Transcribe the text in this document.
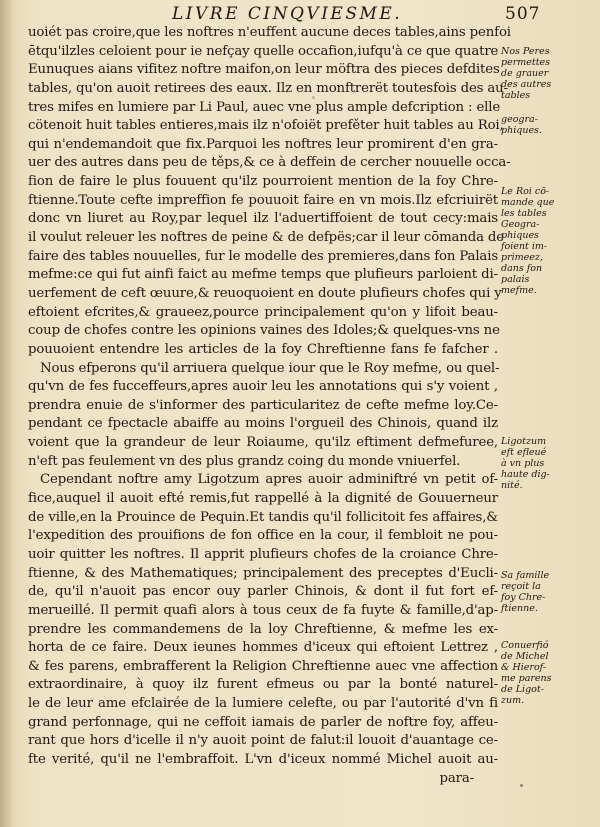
LIVRE CINQVIESME.	507
uoiét pas croire,que les noftres n'euffent aucune deces tables,ains penfoi
ētqu'ilzles celoient pour ie nefçay quelle occafion,iufqu'à ce que quatre
Eunuques aians vifitez noftre maifon,on leur möftra des pieces defdites
tables, qu'on auoit retirees des eaux. Ilz en monftrerët toutesfois des au-
tres mifes en lumiere par Li Paul, auec vne plus ample defcription : elle
cötenoit huit tables entieres,mais ilz n'ofoiët prefěter huit tables au Roi,
qui n'endemandoit que fix.Parquoi les noftres leur promirent d'en gra-
uer des autres dans peu de těps,& ce à deffein de cercher nouuelle occa-
fion de faire le plus fouuent qu'ilz pourroient mention de la foy Chre-
ftienne.Toute cefte impreffion fe pouuoit faire en vn mois.Ilz efcriuirët
donc vn liuret au Roy,par lequel ilz l'aduertiffoient de tout cecy:mais
il voulut releuer les noftres de peine & de defpës;car il leur cōmanda de
faire des tables nouuelles, fur le modelle des premieres,dans fon Palais
mefme:ce qui fut ainfi faict au mefme temps que plufieurs parloient di-
uerfement de ceft œuure,& reuoquoient en doute plufieurs chofes qui y
eftoient efcrites,& graueez,pource principalement qu'on y lifoit beau-
coup de chofes contre les opinions vaines des Idoles;& quelques-vns ne
pouuoient entendre les articles de la foy Chreftienne fans fe fafcher .
Nous efperons qu'il arriuera quelque iour que le Roy mefme, ou quel-
qu'vn de fes fucceffeurs,apres auoir leu les annotations qui s'y voient ,
prendra enuie de s'informer des particularitez de cefte mefme loy.Ce-
pendant ce fpectacle abaiffe au moins l'orgueil des Chinois, quand ilz
voient que la grandeur de leur Roiaume, qu'ilz eftiment defmefuree,
n'eft pas feulement vn des plus grandz coing du monde vniuerfel.
Cependant noftre amy Ligotzum apres auoir adminiftré vn petit of-
fice,auquel il auoit efté remis,fut rappellé à la dignité de Gouuerneur
de ville,en la Prouince de Pequin.Et tandis qu'il follicitoit fes affaires,&
l'expedition des prouifions de fon office en la cour, il fembloit ne pou-
uoir quitter les noftres. Il apprit plufieurs chofes de la croiance Chre-
ftienne, & des Mathematiques; principalement des preceptes d'Eucli-
de, qu'il n'auoit pas encor ouy parler Chinois, & dont il fut fort ef-
merueillé. Il permit quafi alors à tous ceux de fa fuyte & famille,d'ap-
prendre les commandemens de la loy Chreftienne, & mefme les ex-
horta de ce faire. Deux ieunes hommes d'iceux qui eftoient Lettrez ,
& fes parens, embrafferent la Religion Chreftienne auec vne affection
extraordinaire, à quoy ilz furent efmeus ou par la bonté naturel-
le de leur ame efclairée de la lumiere celefte, ou par l'autorité d'vn fi
grand perfonnage, qui ne ceffoit iamais de parler de noftre foy, affeu-
rant que hors d'icelle il n'y auoit point de falut:il louoit d'auantage ce-
fte verité, qu'il ne l'embraffoit. L'vn d'iceux nommé Michel auoit au-
para-
Nos Peres
permettes
de grauer
des autres
tables
geogra-
phiques.
Le Roi cō-
mande que
les tables
Geogra-
phiques
foient im-
primeez,
dans fon
palais
mefme.
Ligotzum
eft efleué
à vn plus
haute dig-
nité.
Sa famille
reçoit la
foy Chre-
ftienne.
Conuerfió
de Michel
& Hierof-
me parens
de Ligot-
zum.
